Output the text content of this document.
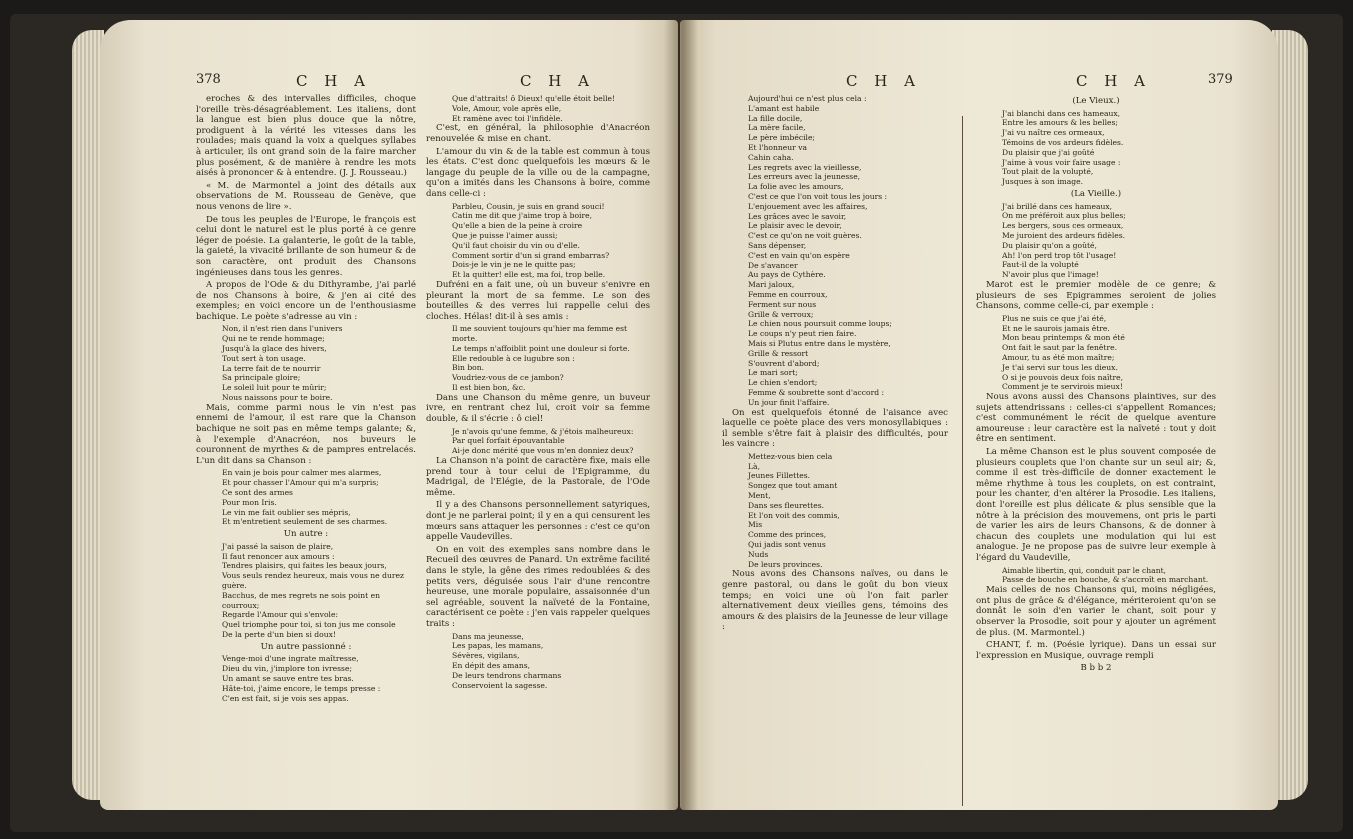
378	C H A	C H A

eroches & des intervalles difficiles, choque l'oreille très-désagréablement. Les italiens, dont la langue est bien plus douce que la nôtre, prodiguent à la vérité les vitesses dans les roulades; mais quand la voix a quelques syllabes à articuler, ils ont grand soin de la faire marcher plus posément, & de manière à rendre les mots aisés à prononcer & à entendre. (J. J. Rousseau.)

« M. de Marmontel a joint des détails aux observations de M. Rousseau de Genève, que nous venons de lire ».

De tous les peuples de l'Europe, le françois est celui dont le naturel est le plus porté à ce genre léger de poésie. La galanterie, le goût de la table, la gaieté, la vivacité brillante de son humeur & de son caractère, ont produit des Chansons ingénieuses dans tous les genres.

A propos de l'Ode & du Dithyrambe, j'ai parlé de nos Chansons à boire, & j'en ai cité des exemples; en voici encore un de l'enthousiasme bachique. Le poète s'adresse au vin :

Non, il n'est rien dans l'univers

Qui ne te rende hommage;

Jusqu'à la glace des hivers,

Tout sert à ton usage.

La terre fait de te nourrir

Sa principale gloire;

Le soleil luit pour te mûrir;

Nous naissons pour te boire.

Mais, comme parmi nous le vin n'est pas ennemi de l'amour, il est rare que la Chanson bachique ne soit pas en même temps galante; &, à l'exemple d'Anacréon, nos buveurs le couronnent de myrthes & de pampres entrelacés. L'un dit dans sa Chanson :

En vain je bois pour calmer mes alarmes,

Et pour chasser l'Amour qui m'a surpris;

Ce sont des armes

Pour mon Iris.

Le vin me fait oublier ses mépris,

Et m'entretient seulement de ses charmes.

Un autre :

J'ai passé la saison de plaire,

Il faut renoncer aux amours :

Tendres plaisirs, qui faites les beaux jours,

Vous seuls rendez heureux, mais vous ne durez guère.

Bacchus, de mes regrets ne sois point en courroux;

Regarde l'Amour qui s'envole:

Quel triomphe pour toi, si ton jus me console

De la perte d'un bien si doux!

Un autre passionné :

Venge-moi d'une ingrate maîtresse,

Dieu du vin, j'implore ton ivresse;

Un amant se sauve entre tes bras.

Hâte-toi, j'aime encore, le temps presse :

C'en est fait, si je vois ses appas.

Que d'attraits! ô Dieux! qu'elle étoit belle!

Vole, Amour, vole après elle,

Et ramène avec toi l'infidèle.

C'est, en général, la philosophie d'Anacréon renouvelée & mise en chant.

L'amour du vin & de la table est commun à tous les états. C'est donc quelquefois les mœurs & le langage du peuple de la ville ou de la campagne, qu'on a imités dans les Chansons à boire, comme dans celle-ci :

Parbleu, Cousin, je suis en grand souci!

Catin me dit que j'aime trop à boire,

Qu'elle a bien de la peine à croire

Que je puisse l'aimer aussi;

Qu'il faut choisir du vin ou d'elle.

Comment sortir d'un si grand embarras?

Dois-je le vin je ne le quitte pas;

Et la quitter! elle est, ma foi, trop belle.

Dufréni en a fait une, où un buveur s'enivre en pleurant la mort de sa femme. Le son des bouteilles & des verres lui rappelle celui des cloches. Hélas! dit-il à ses amis :

Il me souvient toujours qu'hier ma femme est morte.

Le temps n'affoiblit point une douleur si forte.

Elle redouble à ce lugubre son :

Bin bon.

Voudriez-vous de ce jambon?

Il est bien bon, &c.

Dans une Chanson du même genre, un buveur ivre, en rentrant chez lui, croit voir sa femme double, & il s'écrie : ô ciel!

Je n'avois qu'une femme, & j'étois malheureux:

Par quel forfait épouvantable

Ai-je donc mérité que vous m'en donniez deux?

La Chanson n'a point de caractère fixe, mais elle prend tour à tour celui de l'Epigramme, du Madrigal, de l'Elégie, de la Pastorale, de l'Ode même.

Il y a des Chansons personnellement satyriques, dont je ne parlerai point; il y en a qui censurent les mœurs sans attaquer les personnes : c'est ce qu'on appelle Vaudevilles.

On en voit des exemples sans nombre dans le Recueil des œuvres de Panard. Un extrême facilité dans le style, la gêne des rimes redoublées & des petits vers, déguisée sous l'air d'une rencontre heureuse, une morale populaire, assaisonnée d'un sel agréable, souvent la naïveté de la Fontaine, caractérisent ce poète : j'en vais rappeler quelques traits :

Dans ma jeunesse,

Les papas, les mamans,

Sévères, vigilans,

En dépit des amans,

De leurs tendrons charmans

Conservoient la sagesse.

C H A	C H A	379

Aujourd'hui ce n'est plus cela :

L'amant est habile

La fille docile,

La mère facile,

Le père imbécile;

Et l'honneur va

Cahin caha.

Les regrets avec la vieillesse,

Les erreurs avec la jeunesse,

La folie avec les amours,

C'est ce que l'on voit tous les jours :

L'enjouement avec les affaires,

Les grâces avec le savoir,

Le plaisir avec le devoir,

C'est ce qu'on ne voit guères.

Sans dépenser,

C'est en vain qu'on espère

De s'avancer

Au pays de Cythère.

Mari jaloux,

Femme en courroux,

Ferment sur nous

Grille & verroux;

Le chien nous poursuit comme loups;

Le coups n'y peut rien faire.

Mais si Plutus entre dans le mystère,

Grille & ressort

S'ouvrent d'abord;

Le mari sort;

Le chien s'endort;

Femme & soubrette sont d'accord :

Un jour finit l'affaire.

On est quelquefois étonné de l'aisance avec laquelle ce poète place des vers monosyllabiques : il semble s'être fait à plaisir des difficultés, pour les vaincre :

Mettez-vous bien cela

Là,

Jeunes Fillettes.

Songez que tout amant

Ment,

Dans ses fleurettes.

Et l'on voit des commis,

Mis

Comme des princes,

Qui jadis sont venus

Nuds

De leurs provinces.

Nous avons des Chansons naïves, ou dans le genre pastoral, ou dans le goût du bon vieux temps; en voici une où l'on fait parler alternativement deux vieilles gens, témoins des amours & des plaisirs de la Jeunesse de leur village :

(Le Vieux.)

J'ai blanchi dans ces hameaux,

Entre les amours & les belles;

J'ai vu naître ces ormeaux,

Témoins de vos ardeurs fidèles.

Du plaisir que j'ai goûté

J'aime à vous voir faire usage :

Tout plait de la volupté,

Jusques à son image.

(La Vieille.)

J'ai brillé dans ces hameaux,

On me préféroit aux plus belles;

Les bergers, sous ces ormeaux,

Me juroient des ardeurs fidèles.

Du plaisir qu'on a goûté,

Ah! l'on perd trop tôt l'usage!

Faut-il de la volupté

N'avoir plus que l'image!

Marot est le premier modèle de ce genre; & plusieurs de ses Epigrammes seroient de jolies Chansons, comme celle-ci, par exemple :

Plus ne suis ce que j'ai été,

Et ne le saurois jamais être.

Mon beau printemps & mon été

Ont fait le saut par la fenêtre.

Amour, tu as été mon maître;

Je t'ai servi sur tous les dieux.

O si je pouvois deux fois naître,

Comment je te servirois mieux!

Nous avons aussi des Chansons plaintives, sur des sujets attendrissans : celles-ci s'appellent Romances; c'est communément le récit de quelque aventure amoureuse : leur caractère est la naïveté : tout y doit être en sentiment.

La même Chanson est le plus souvent composée de plusieurs couplets que l'on chante sur un seul air; &, comme il est très-difficile de donner exactement le même rhythme à tous les couplets, on est contraint, pour les chanter, d'en altérer la Prosodie. Les italiens, dont l'oreille est plus délicate & plus sensible que la nôtre à la précision des mouvemens, ont pris le parti de varier les airs de leurs Chansons, & de donner à chacun des couplets une modulation qui lui est analogue. Je ne propose pas de suivre leur exemple à l'égard du Vaudeville,

Aimable libertin, qui, conduit par le chant,

Passe de bouche en bouche, & s'accroît en marchant.

Mais celles de nos Chansons qui, moins négligées, ont plus de grâce & d'élégance, mériteroient qu'on se donnât le soin d'en varier le chant, soit pour y observer la Prosodie, soit pour y ajouter un agrément de plus. (M. Marmontel.)

CHANT, f. m. (Poésie lyrique). Dans un essai sur l'expression en Musique, ouvrage rempli

B b b 2
